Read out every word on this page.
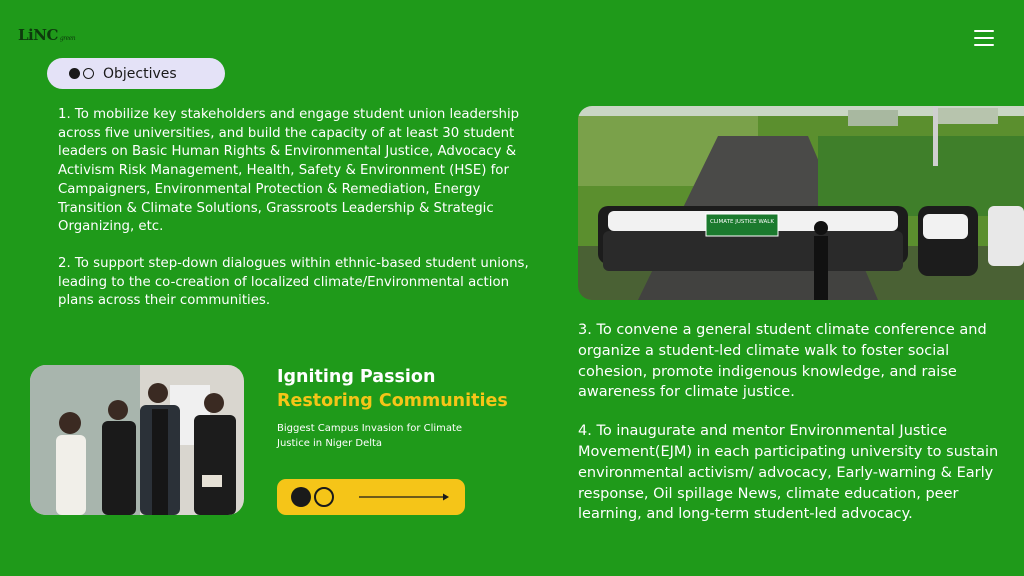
LiNC green
Objectives

1. To mobilize key stakeholders and engage student union leadership across five universities, and build the capacity of at least 30 student leaders on Basic Human Rights & Environmental Justice, Advocacy & Activism Risk Management, Health, Safety & Environment (HSE) for Campaigners, Environmental Protection & Remediation, Energy Transition & Climate Solutions, Grassroots Leadership & Strategic Organizing, etc.

2. To support step-down dialogues within ethnic-based student unions, leading to the co-creation of localized climate/Environmental action plans across their communities.

CLIMATE JUSTICE WALK

3. To convene a general student climate conference and organize a student-led climate walk to foster social cohesion, promote indigenous knowledge, and raise awareness for climate justice.

4. To inaugurate and mentor Environmental Justice Movement(EJM) in each participating university to sustain environmental activism/ advocacy, Early-warning & Early response, Oil spillage News, climate education, peer learning, and long-term student-led advocacy.

Igniting Passion
Restoring Communities
Biggest Campus Invasion for Climate Justice in Niger Delta
